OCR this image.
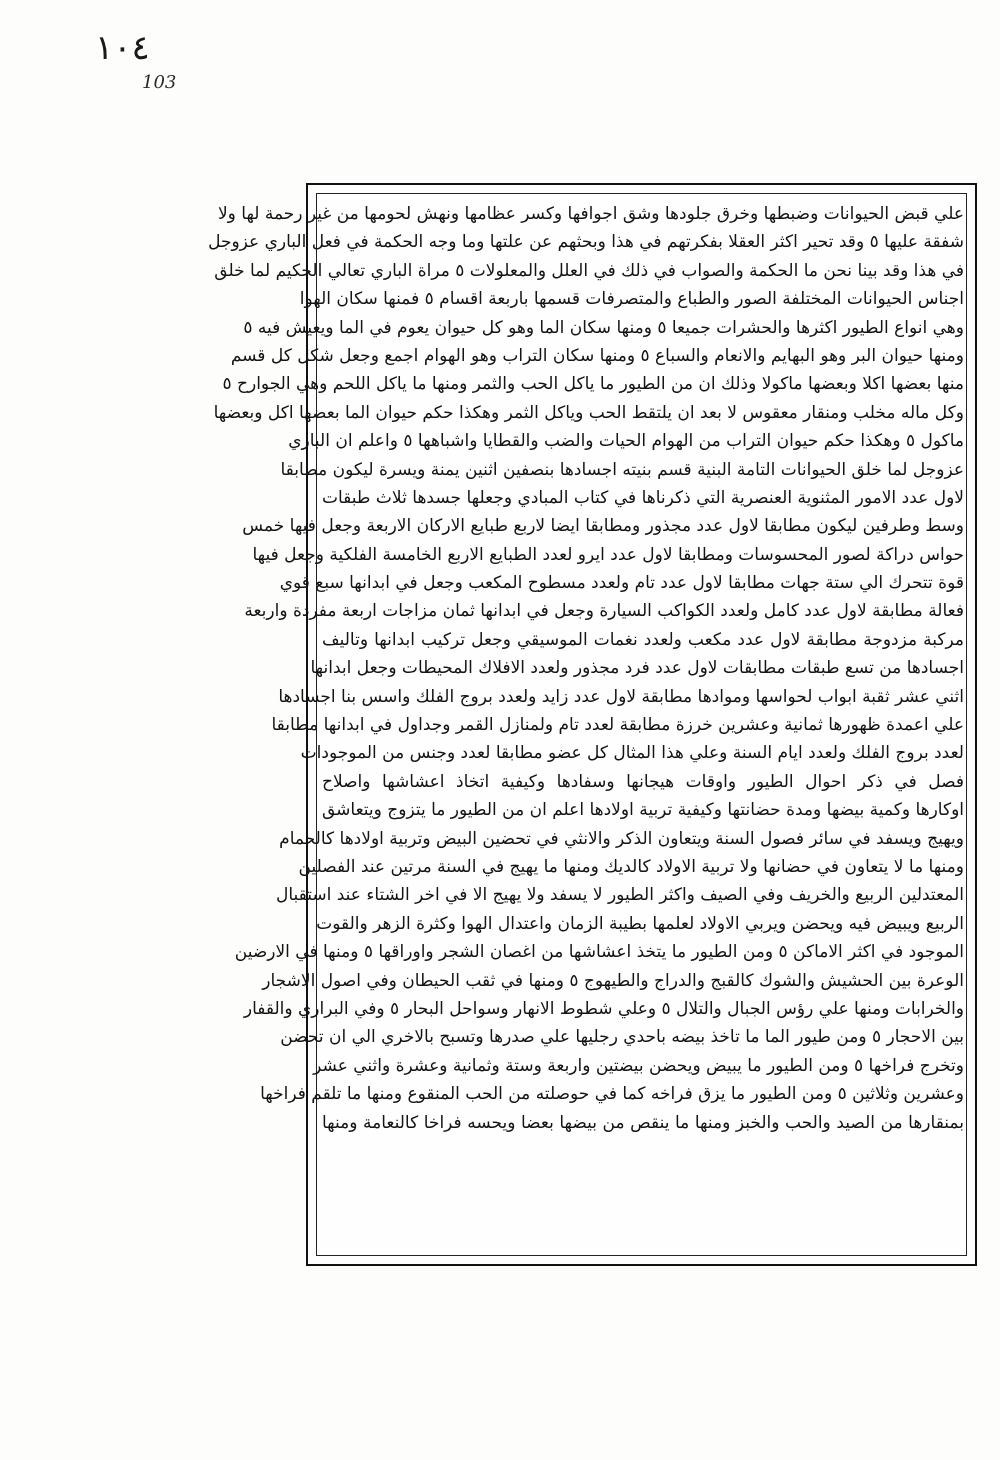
١٠٤
103
علي قبض الحيوانات وضبطها وخرق جلودها وشق اجوافها وكسر عظامها ونهش لحومها من غير رحمة لها ولا
شفقة عليها ٥ وقد تحير اكثر العقلا بفكرتهم في هذا وبحثهم عن علتها وما وجه الحكمة في فعل الباري عزوجل
في هذا وقد بينا نحن ما الحكمة والصواب في ذلك في العلل والمعلولات ٥ مراة الباري تعالي الحكيم لما خلق
اجناس الحيوانات المختلفة الصور والطباع والمتصرفات قسمها باربعة اقسام ٥ فمنها سكان الهوا
وهي انواع الطيور اكثرها والحشرات جميعا ٥ ومنها سكان الما وهو كل حيوان يعوم في الما ويعيش فيه ٥
ومنها حيوان البر وهو البهايم والانعام والسباع ٥ ومنها سكان التراب وهو الهوام اجمع وجعل شكل كل قسم
منها بعضها اكلا وبعضها ماكولا وذلك ان من الطيور ما ياكل الحب والثمر ومنها ما ياكل اللحم وهي الجوارح ٥
وكل ماله مخلب ومنقار معقوس لا بعد ان يلتقط الحب وياكل الثمر وهكذا حكم حيوان الما بعضها اكل وبعضها
ماكول ٥ وهكذا حكم حيوان التراب من الهوام الحيات والضب والقطايا واشباهها ٥ واعلم ان الباري
عزوجل لما خلق الحيوانات التامة البنية قسم بنيته اجسادها بنصفين اثنين يمنة ويسرة ليكون مطابقا
لاول عدد الامور المثنوية العنصرية التي ذكرناها في كتاب المبادي وجعلها جسدها ثلاث طبقات
وسط وطرفين ليكون مطابقا لاول عدد مجذور ومطابقا ايضا لاربع طبايع الاركان الاربعة وجعل فيها خمس
حواس دراكة لصور المحسوسات ومطابقا لاول عدد ايرو لعدد الطبايع الاربع الخامسة الفلكية وجعل فيها
قوة تتحرك الي ستة جهات مطابقا لاول عدد تام ولعدد مسطوح المكعب وجعل في ابدانها سبع قوي
فعالة مطابقة لاول عدد كامل ولعدد الكواكب السيارة وجعل في ابدانها ثمان مزاجات اربعة مفردة واربعة
مركبة مزدوجة مطابقة لاول عدد مكعب ولعدد نغمات الموسيقي وجعل تركيب ابدانها وتاليف
اجسادها من تسع طبقات مطابقات لاول عدد فرد مجذور ولعدد الافلاك المحيطات وجعل ابدانها
اثني عشر ثقبة ابواب لحواسها وموادها مطابقة لاول عدد زايد ولعدد بروج الفلك واسس بنا اجسادها
علي اعمدة ظهورها ثمانية وعشرين خرزة مطابقة لعدد تام ولمنازل القمر وجداول في ابدانها مطابقا
لعدد بروج الفلك ولعدد ايام السنة وعلي هذا المثال كل عضو مطابقا لعدد وجنس من الموجودات
فصل في ذكر احوال الطيور واوقات هيجانها وسفادها وكيفية اتخاذ اعشاشها واصلاح
اوكارها وكمية بيضها ومدة حضانتها وكيفية تربية اولادها اعلم ان من الطيور ما يتزوج ويتعاشق
ويهيج ويسفد في سائر فصول السنة ويتعاون الذكر والانثي في تحضين البيض وتربية اولادها كالحمام
ومنها ما لا يتعاون في حضانها ولا تربية الاولاد كالديك ومنها ما يهيج في السنة مرتين عند الفصلين
المعتدلين الربيع والخريف وفي الصيف واكثر الطيور لا يسفد ولا يهيج الا في اخر الشتاء عند استقبال
الربيع ويبيض فيه ويحضن ويربي الاولاد لعلمها بطيبة الزمان واعتدال الهوا وكثرة الزهر والقوت
الموجود في اكثر الاماكن ٥ ومن الطيور ما يتخذ اعشاشها من اغصان الشجر واوراقها ٥ ومنها في الارضين
الوعرة بين الحشيش والشوك كالقبج والدراج والطيهوج ٥ ومنها في ثقب الحيطان وفي اصول الاشجار
والخرابات ومنها علي رؤس الجبال والتلال ٥ وعلي شطوط الانهار وسواحل البحار ٥ وفي البراري والقفار
بين الاحجار ٥ ومن طيور الما ما تاخذ بيضه باحدي رجليها علي صدرها وتسبح بالاخري الي ان تحضن
وتخرج فراخها ٥ ومن الطيور ما يبيض ويحضن بيضتين واربعة وستة وثمانية وعشرة واثني عشر
وعشرين وثلاثين ٥ ومن الطيور ما يزق فراخه كما في حوصلته من الحب المنقوع ومنها ما تلقم فراخها
بمنقارها من الصيد والحب والخبز ومنها ما ينقص من بيضها بعضا ويحسه فراخا كالنعامة ومنها
